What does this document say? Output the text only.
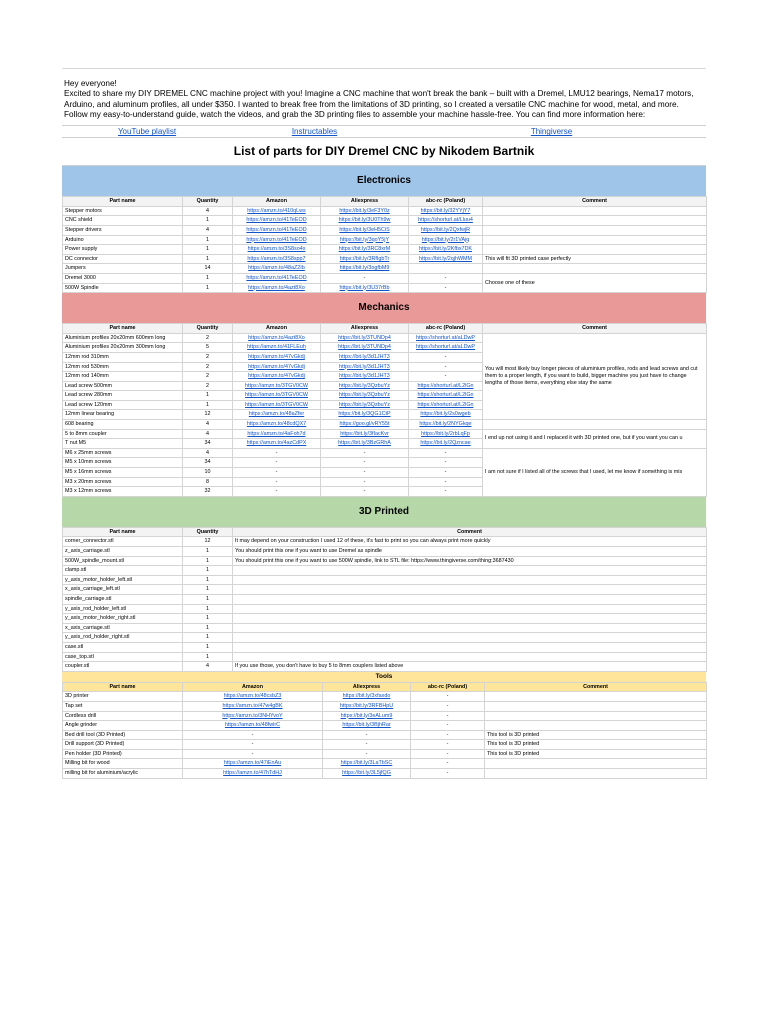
Hey everyone!

Excited to share my DIY DREMEL CNC machine project with you! Imagine a CNC machine that won't break the bank – built with a Dremel, LMU12 bearings, Nema17 motors, Arduino, and aluminum profiles, all under $350. I wanted to break free from the limitations of 3D printing, so I created a versatile CNC machine for wood, metal, and more. Follow my easy-to-understand guide, watch the videos, and grab the 3D printing files to assemble your machine hassle-free. You can find more information here:

YouTube playlist	Instructables	Thingiverse
List of parts for DIY Dremel CNC by Nikodem Bartnik
Electronics
Part name	Quantity	Amazon	Aliexpress	abc-rc (Poland)	Comment
Stepper motors	4	https://amzn.to/410qLws	https://bit.ly/3eF3Y0z	https://bit.ly/32YYjY7	
CNC shield	1	https://amzn.to/41TeEOD	https://bit.ly/3U0Th9w	https://shorturl.at/Lluu4	
Stepper drivers	4	https://amzn.to/41TeEOD	https://bit.ly/3eH5CiS	https://bit.ly/2QxfwjR	
Arduino	1	https://amzn.to/41TeEOD	https://bit.ly/3qoY5jY	https://bit.ly/2r1VAjq	
Power supply	1	https://amzn.to/3S8so4x	https://bit.ly/3RC8xrM	https://bit.ly/2Kfbx7DK	
DC connector	1	https://amzn.to/3S8spp7	https://bit.ly/3RfIgbTr	https://bit.ly/2qjhWMM	This will fit 3D printed case perfectly
Jumpers	14	https://amzn.to/48aZ2Ib	https://bit.ly/3ogfbM9		
Dremel 3000	1	https://amzn.to/41TeEOD	-	-	Choose one of these
500W Spindle	1	https://amzn.to/4azt8Xo	https://bit.ly/3U37rBb	-	
Mechanics
Part name	Quantity	Amazon	Aliexpress	abc-rc (Poland)	Comment
Aluminium profiles 20x20mm 600mm long	2	https://amzn.to/4azt8Xo	https://bit.ly/3TUNDp4	https://shorturl.at/aLDwP	You will most likely buy longer pieces of aluminium profiles, rods and lead screws and cut them to a proper length, if you want to build, bigger machine you just have to change lengths of those items, everything else stay the same
Aluminium profiles 20x20mm 300mm long	5	https://amzn.to/41FLEuh	https://bit.ly/3TUNDp4	https://shorturl.at/aLDwP	
12mm rod 310mm	2	https://amzn.to/47vGkdj	https://bit.ly/3d1JHT3	-	
12mm rod 530mm	2	https://amzn.to/47vGkdj	https://bit.ly/3d1JHT3	-	
12mm rod 140mm	2	https://amzn.to/47vGkdj	https://bit.ly/3d1JHT3	-	
Lead screw 500mm	2	https://amzn.to/3TGV0CW	https://bit.ly/3QzbuYz	https://shorturl.at/L2lGn	
Lead screw 280mm	1	https://amzn.to/3TGV0CW	https://bit.ly/3QzbuYz	https://shorturl.at/L2lGn	
Lead screw 120mm	1	https://amzn.to/3TGV0CW	https://bit.ly/3QzbuYz	https://shorturl.at/L2lGn	
12mm linear bearing	12	https://amzn.to/48aZfer	https://bit.ly/3QG1CtP	https://bit.ly/2s0wgeb	
608 bearing	4	https://amzn.to/48cdQX7	https://goo.gl/vRY55t	https://bit.ly/2NYGkqe	
5 to 8mm coupler	4	https://amzn.to/4aFoh7d	https://bit.ly/3fIacKvr	https://bit.ly/2rbLqFp	I end up not using it and I replaced it with 3D printed one, but if you want you can u
T nut M5	34	https://amzn.to/4azCdPX	https://bit.ly/3BzGRhA	https://bit.ly/2Qzncae	
M6 x 25mm screws	4	-	-	-	I am not sure if I listed all of the screws that I used, let me know if something is mis
M5 x 10mm screws	34	-	-	-	
M5 x 16mm screws	10	-	-	-	
M3 x 20mm screws	8	-	-	-	
M3 x 12mm screws	32	-	-	-	
3D Printed
Part name	Quantity	Comment
corner_connector.stl	12	It may depend on your construction I used 12 of these, it's fast to print so you can always print more quickly
z_axis_carriage.stl	1	You should print this one if you want to use Dremel as spindle
500W_spindle_mount.stl	1	You should print this one if you want to use 500W spindle, link to STL file: https://www.thingiverse.com/thing:3687430
clamp.stl	1	
y_axis_motor_holder_left.stl	1	
x_axis_carriage_left.stl	1	
spindle_carriage.stl	1	
y_axis_rod_holder_left.stl	1	
y_axis_motor_holder_right.stl	1	
x_axis_carriage.stl	1	
y_axis_rod_holder_right.stl	1	
case.stl	1	
case_top.stl	1	
coupler.stl	4	If you use those, you don't have to buy 5 to 8mm couplers listed above
Tools
Part name	Amazon	Aliexpress	abc-rc (Poland)	Comment
3D printer	https://amzn.to/48csbZ3	https://bit.ly/3xfaxdo	-	
Tap set	https://amzn.to/47w4gBK	https://bit.ly/3RFBHpU	-	
Cordless drill	https://amzn.to/3NHYvoY	https://bit.ly/3eALum9	-	
Angle grinder	https://amzn.to/48fwlrC	https://bit.ly/3BjhRar	-	
Bed drill tool (3D Printed)	-	-	-	This tool is 3D printed
Drill support (3D Printed)	-	-	-	This tool is 3D printed
Pen holder (3D Printed)	-	-	-	This tool is 3D printed
Milling bit for wood	https://amzn.to/47iEnAu	https://bit.ly/3LaTbSC	-	
milling bit for aluminium/acrylic	https://amzn.to/47hTdHJ	https://bit.ly/3L5jfQG	-	
